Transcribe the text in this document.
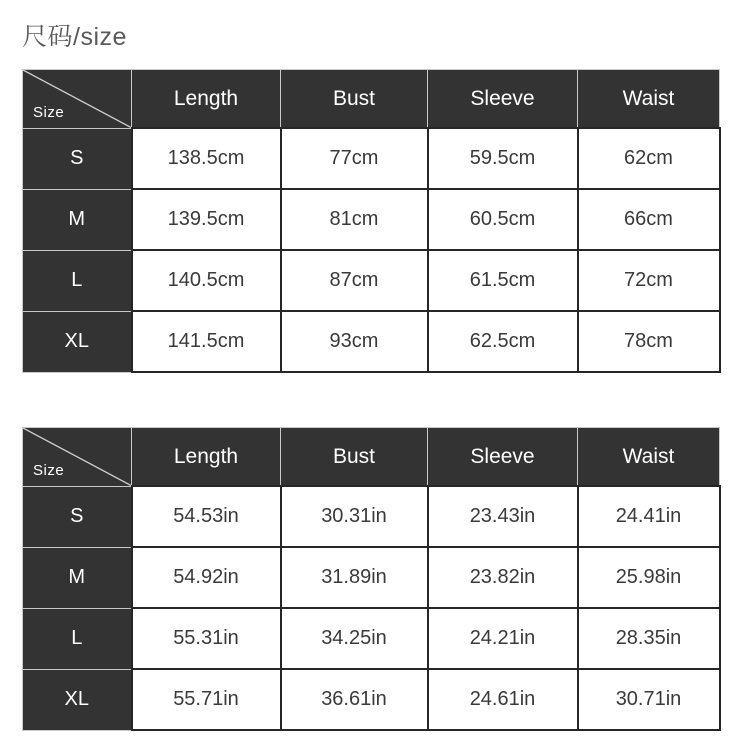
尺码/size
Size	Length	Bust	Sleeve	Waist
S	138.5cm	77cm	59.5cm	62cm
M	139.5cm	81cm	60.5cm	66cm
L	140.5cm	87cm	61.5cm	72cm
XL	141.5cm	93cm	62.5cm	78cm
Size	Length	Bust	Sleeve	Waist
S	54.53in	30.31in	23.43in	24.41in
M	54.92in	31.89in	23.82in	25.98in
L	55.31in	34.25in	24.21in	28.35in
XL	55.71in	36.61in	24.61in	30.71in
